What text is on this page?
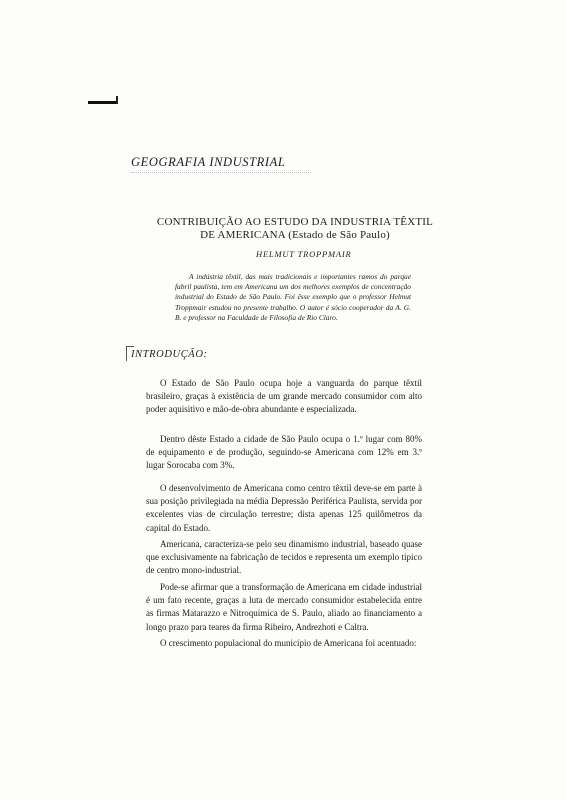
GEOGRAFIA INDUSTRIAL
CONTRIBUIÇÃO AO ESTUDO DA INDUSTRIA TÊXTIL
DE AMERICANA (Estado de São Paulo)
HELMUT TROPPMAIR

A indústria têxtil, das mais tradicionais e importantes ramos do parque fabril paulista, tem em Americana um dos melhores exemplos de concentração industrial do Estado de São Paulo. Foi êsse exemplo que o professor Helmut Troppmair estudou no presente trabalho. O autor é sócio cooperador da A. G. B. e professor na Faculdade de Filosofia de Rio Claro.

INTRODUÇÃO:

O Estado de São Paulo ocupa hoje a vanguarda do parque têxtil brasileiro, graças à existência de um grande mercado consumidor com alto poder aquisitivo e mão-de-obra abundante e especializada.

Dentro dêste Estado a cidade de São Paulo ocupa o 1.º lugar com 80% de equipamento e de produção, seguindo-se Americana com 12% em 3.º lugar Sorocaba com 3%.

O desenvolvimento de Americana como centro têxtil deve-se em parte à sua posição privilegiada na média Depressão Periférica Paulista, servida por excelentes vias de circulação terrestre; dista apenas 125 quilômetros da capital do Estado.

Americana, caracteriza-se pelo seu dinamismo industrial, baseado quase que exclusivamente na fabricação de tecidos e representa um exemplo típico de centro mono-industrial.

Pode-se afirmar que a transformação de Americana em cidade industrial é um fato recente, graças a luta de mercado consumidor estabelecida entre as firmas Matarazzo e Nitroquímica de S. Paulo, aliado ao financiamento a longo prazo para teares da firma Ribeiro, Andrezhoti e Caltra.

O crescimento populacional do município de Americana foi acentuado:
